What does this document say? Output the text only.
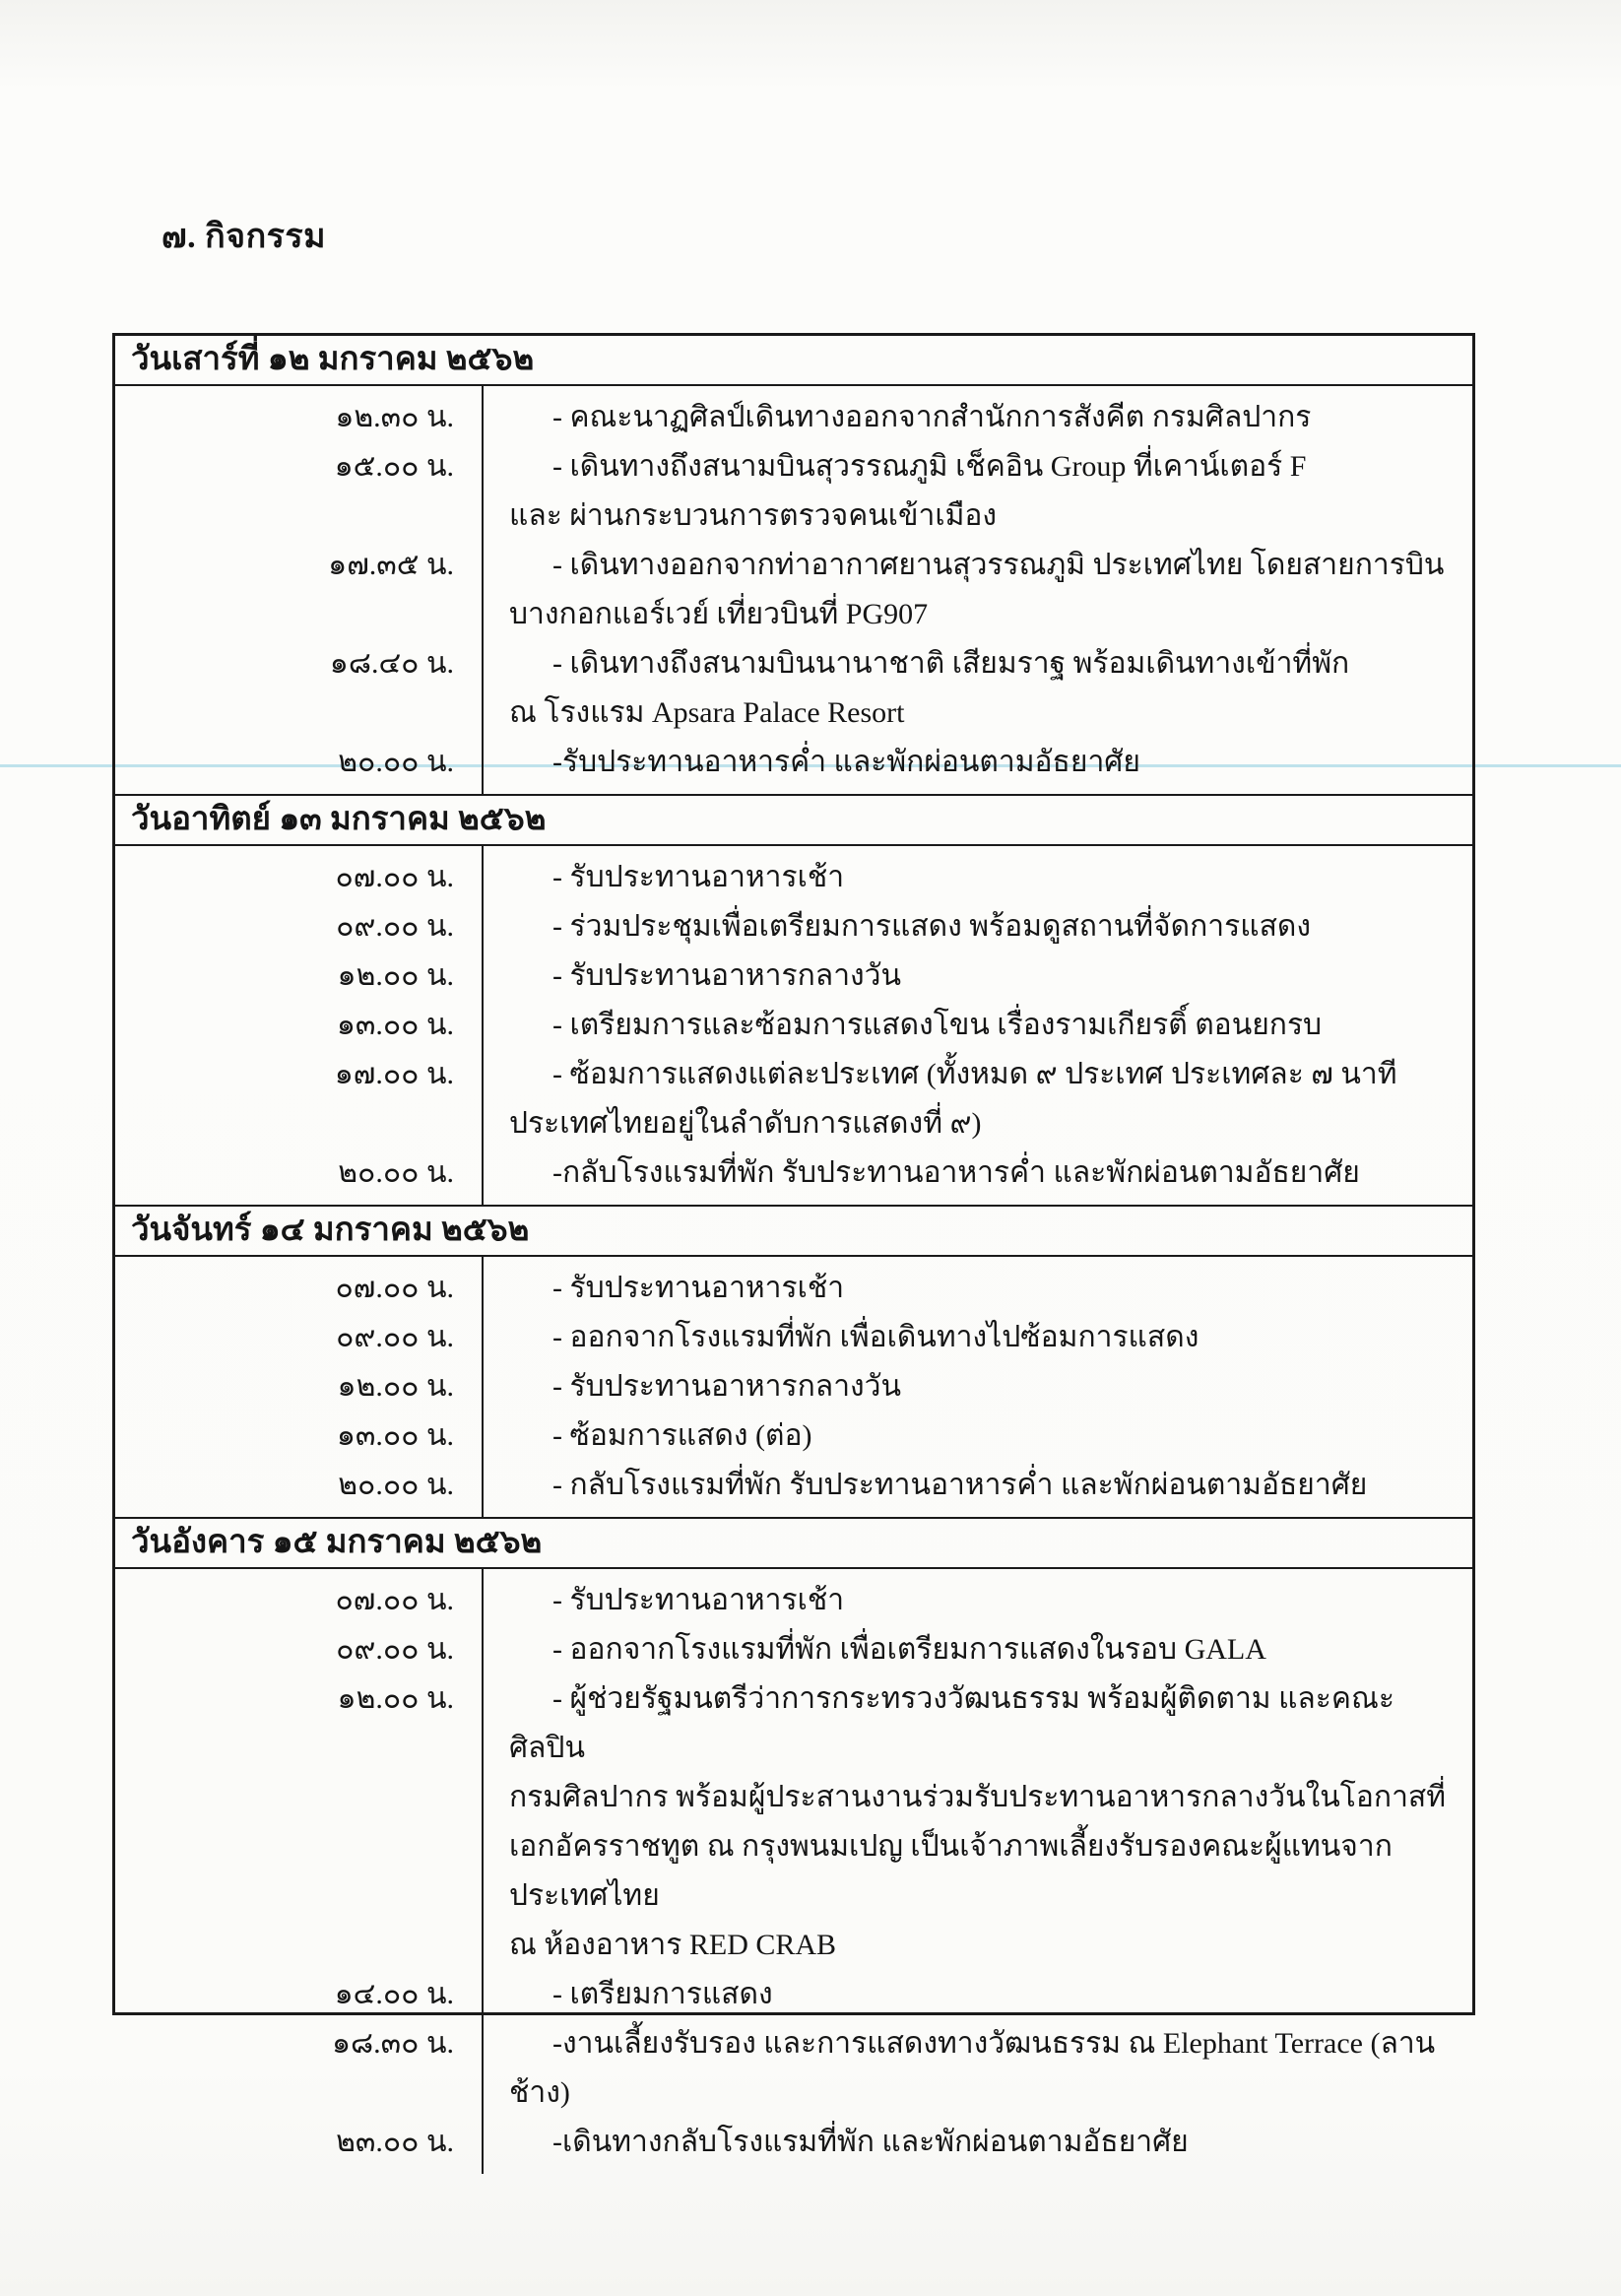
๗. กิจกรรม
วันเสาร์ที่ ๑๒ มกราคม ๒๕๖๒
๑๒.๓๐ น.	- คณะนาฏศิลป์เดินทางออกจากสำนักการสังคีต กรมศิลปากร
๑๕.๐๐ น.	- เดินทางถึงสนามบินสุวรรณภูมิ เช็คอิน Group ที่เคาน์เตอร์ F
และ ผ่านกระบวนการตรวจคนเข้าเมือง
๑๗.๓๕ น.	- เดินทางออกจากท่าอากาศยานสุวรรณภูมิ ประเทศไทย โดยสายการบิน
บางกอกแอร์เวย์ เที่ยวบินที่ PG907
๑๘.๔๐ น.	- เดินทางถึงสนามบินนานาชาติ เสียมราฐ พร้อมเดินทางเข้าที่พัก
ณ โรงแรม Apsara Palace Resort
๒๐.๐๐ น.	-รับประทานอาหารค่ำ และพักผ่อนตามอัธยาศัย
วันอาทิตย์ ๑๓ มกราคม ๒๕๖๒
๐๗.๐๐ น.	- รับประทานอาหารเช้า
๐๙.๐๐ น.	- ร่วมประชุมเพื่อเตรียมการแสดง พร้อมดูสถานที่จัดการแสดง
๑๒.๐๐ น.	- รับประทานอาหารกลางวัน
๑๓.๐๐ น.	- เตรียมการและซ้อมการแสดงโขน เรื่องรามเกียรติ์ ตอนยกรบ
๑๗.๐๐ น.	- ซ้อมการแสดงแต่ละประเทศ (ทั้งหมด ๙ ประเทศ ประเทศละ ๗ นาที
ประเทศไทยอยู่ในลำดับการแสดงที่ ๙)
๒๐.๐๐ น.	-กลับโรงแรมที่พัก รับประทานอาหารค่ำ และพักผ่อนตามอัธยาศัย
วันจันทร์ ๑๔ มกราคม ๒๕๖๒
๐๗.๐๐ น.	- รับประทานอาหารเช้า
๐๙.๐๐ น.	- ออกจากโรงแรมที่พัก เพื่อเดินทางไปซ้อมการแสดง
๑๒.๐๐ น.	- รับประทานอาหารกลางวัน
๑๓.๐๐ น.	- ซ้อมการแสดง (ต่อ)
๒๐.๐๐ น.	- กลับโรงแรมที่พัก รับประทานอาหารค่ำ และพักผ่อนตามอัธยาศัย
วันอังคาร ๑๕ มกราคม ๒๕๖๒
๐๗.๐๐ น.	- รับประทานอาหารเช้า
๐๙.๐๐ น.	- ออกจากโรงแรมที่พัก เพื่อเตรียมการแสดงในรอบ GALA
๑๒.๐๐ น.	- ผู้ช่วยรัฐมนตรีว่าการกระทรวงวัฒนธรรม พร้อมผู้ติดตาม และคณะศิลปิน
กรมศิลปากร พร้อมผู้ประสานงานร่วมรับประทานอาหารกลางวันในโอกาสที่
เอกอัครราชทูต ณ กรุงพนมเปญ เป็นเจ้าภาพเลี้ยงรับรองคณะผู้แทนจากประเทศไทย
ณ ห้องอาหาร RED CRAB
๑๔.๐๐ น.	- เตรียมการแสดง
๑๘.๓๐ น.	-งานเลี้ยงรับรอง และการแสดงทางวัฒนธรรม ณ Elephant Terrace (ลานช้าง)
๒๓.๐๐ น.	-เดินทางกลับโรงแรมที่พัก และพักผ่อนตามอัธยาศัย
